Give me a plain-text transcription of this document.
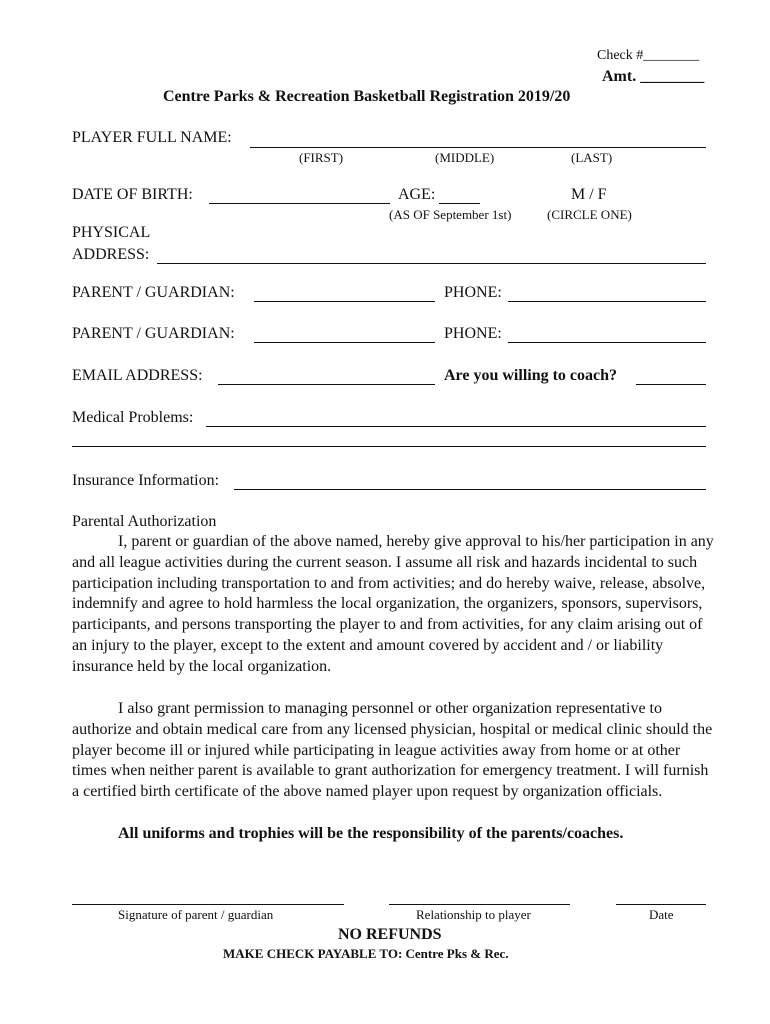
Check #________
Amt. ________
Centre Parks & Recreation Basketball Registration 2019/20
PLAYER FULL NAME:
(FIRST)	(MIDDLE)	(LAST)
DATE OF BIRTH:	AGE:	M / F
(AS OF September 1st)	(CIRCLE ONE)
PHYSICAL
ADDRESS:
PARENT / GUARDIAN:	PHONE:
PARENT / GUARDIAN:	PHONE:
EMAIL ADDRESS:	Are you willing to coach?
Medical Problems:
Insurance Information:
Parental Authorization
I, parent or guardian of the above named, hereby give approval to his/her participation in any and all league activities during the current season. I assume all risk and hazards incidental to such participation including transportation to and from activities; and do hereby waive, release, absolve, indemnify and agree to hold harmless the local organization, the organizers, sponsors, supervisors, participants, and persons transporting the player to and from activities, for any claim arising out of an injury to the player, except to the extent and amount covered by accident and / or liability insurance held by the local organization.
I also grant permission to managing personnel or other organization representative to authorize and obtain medical care from any licensed physician, hospital or medical clinic should the player become ill or injured while participating in league activities away from home or at other times when neither parent is available to grant authorization for emergency treatment. I will furnish a certified birth certificate of the above named player upon request by organization officials.
All uniforms and trophies will be the responsibility of the parents/coaches.
Signature of parent / guardian	Relationship to player	Date
NO REFUNDS
MAKE CHECK PAYABLE TO: Centre Pks & Rec.
